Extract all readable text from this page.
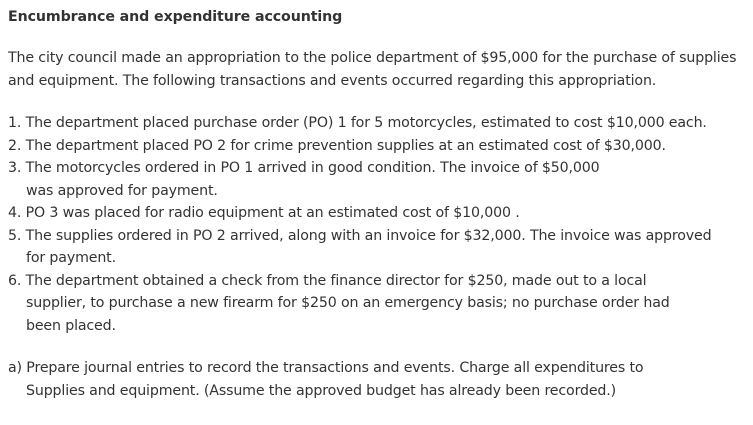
Encumbrance and expenditure accounting
The city council made an appropriation to the police department of $95,000 for the purchase of supplies and equipment. The following transactions and events occurred regarding this appropriation.
1. The department placed purchase order (PO) 1 for 5 motorcycles, estimated to cost $10,000 each.
2. The department placed PO 2 for crime prevention supplies at an estimated cost of $30,000.
3. The motorcycles ordered in PO 1 arrived in good condition. The invoice of $50,000
was approved for payment.
4. PO 3 was placed for radio equipment at an estimated cost of $10,000 .
5. The supplies ordered in PO 2 arrived, along with an invoice for $32,000. The invoice was approved
for payment.
6. The department obtained a check from the finance director for $250, made out to a local
supplier, to purchase a new firearm for $250 on an emergency basis; no purchase order had
been placed.
a) Prepare journal entries to record the transactions and events. Charge all expenditures to
Supplies and equipment. (Assume the approved budget has already been recorded.)
